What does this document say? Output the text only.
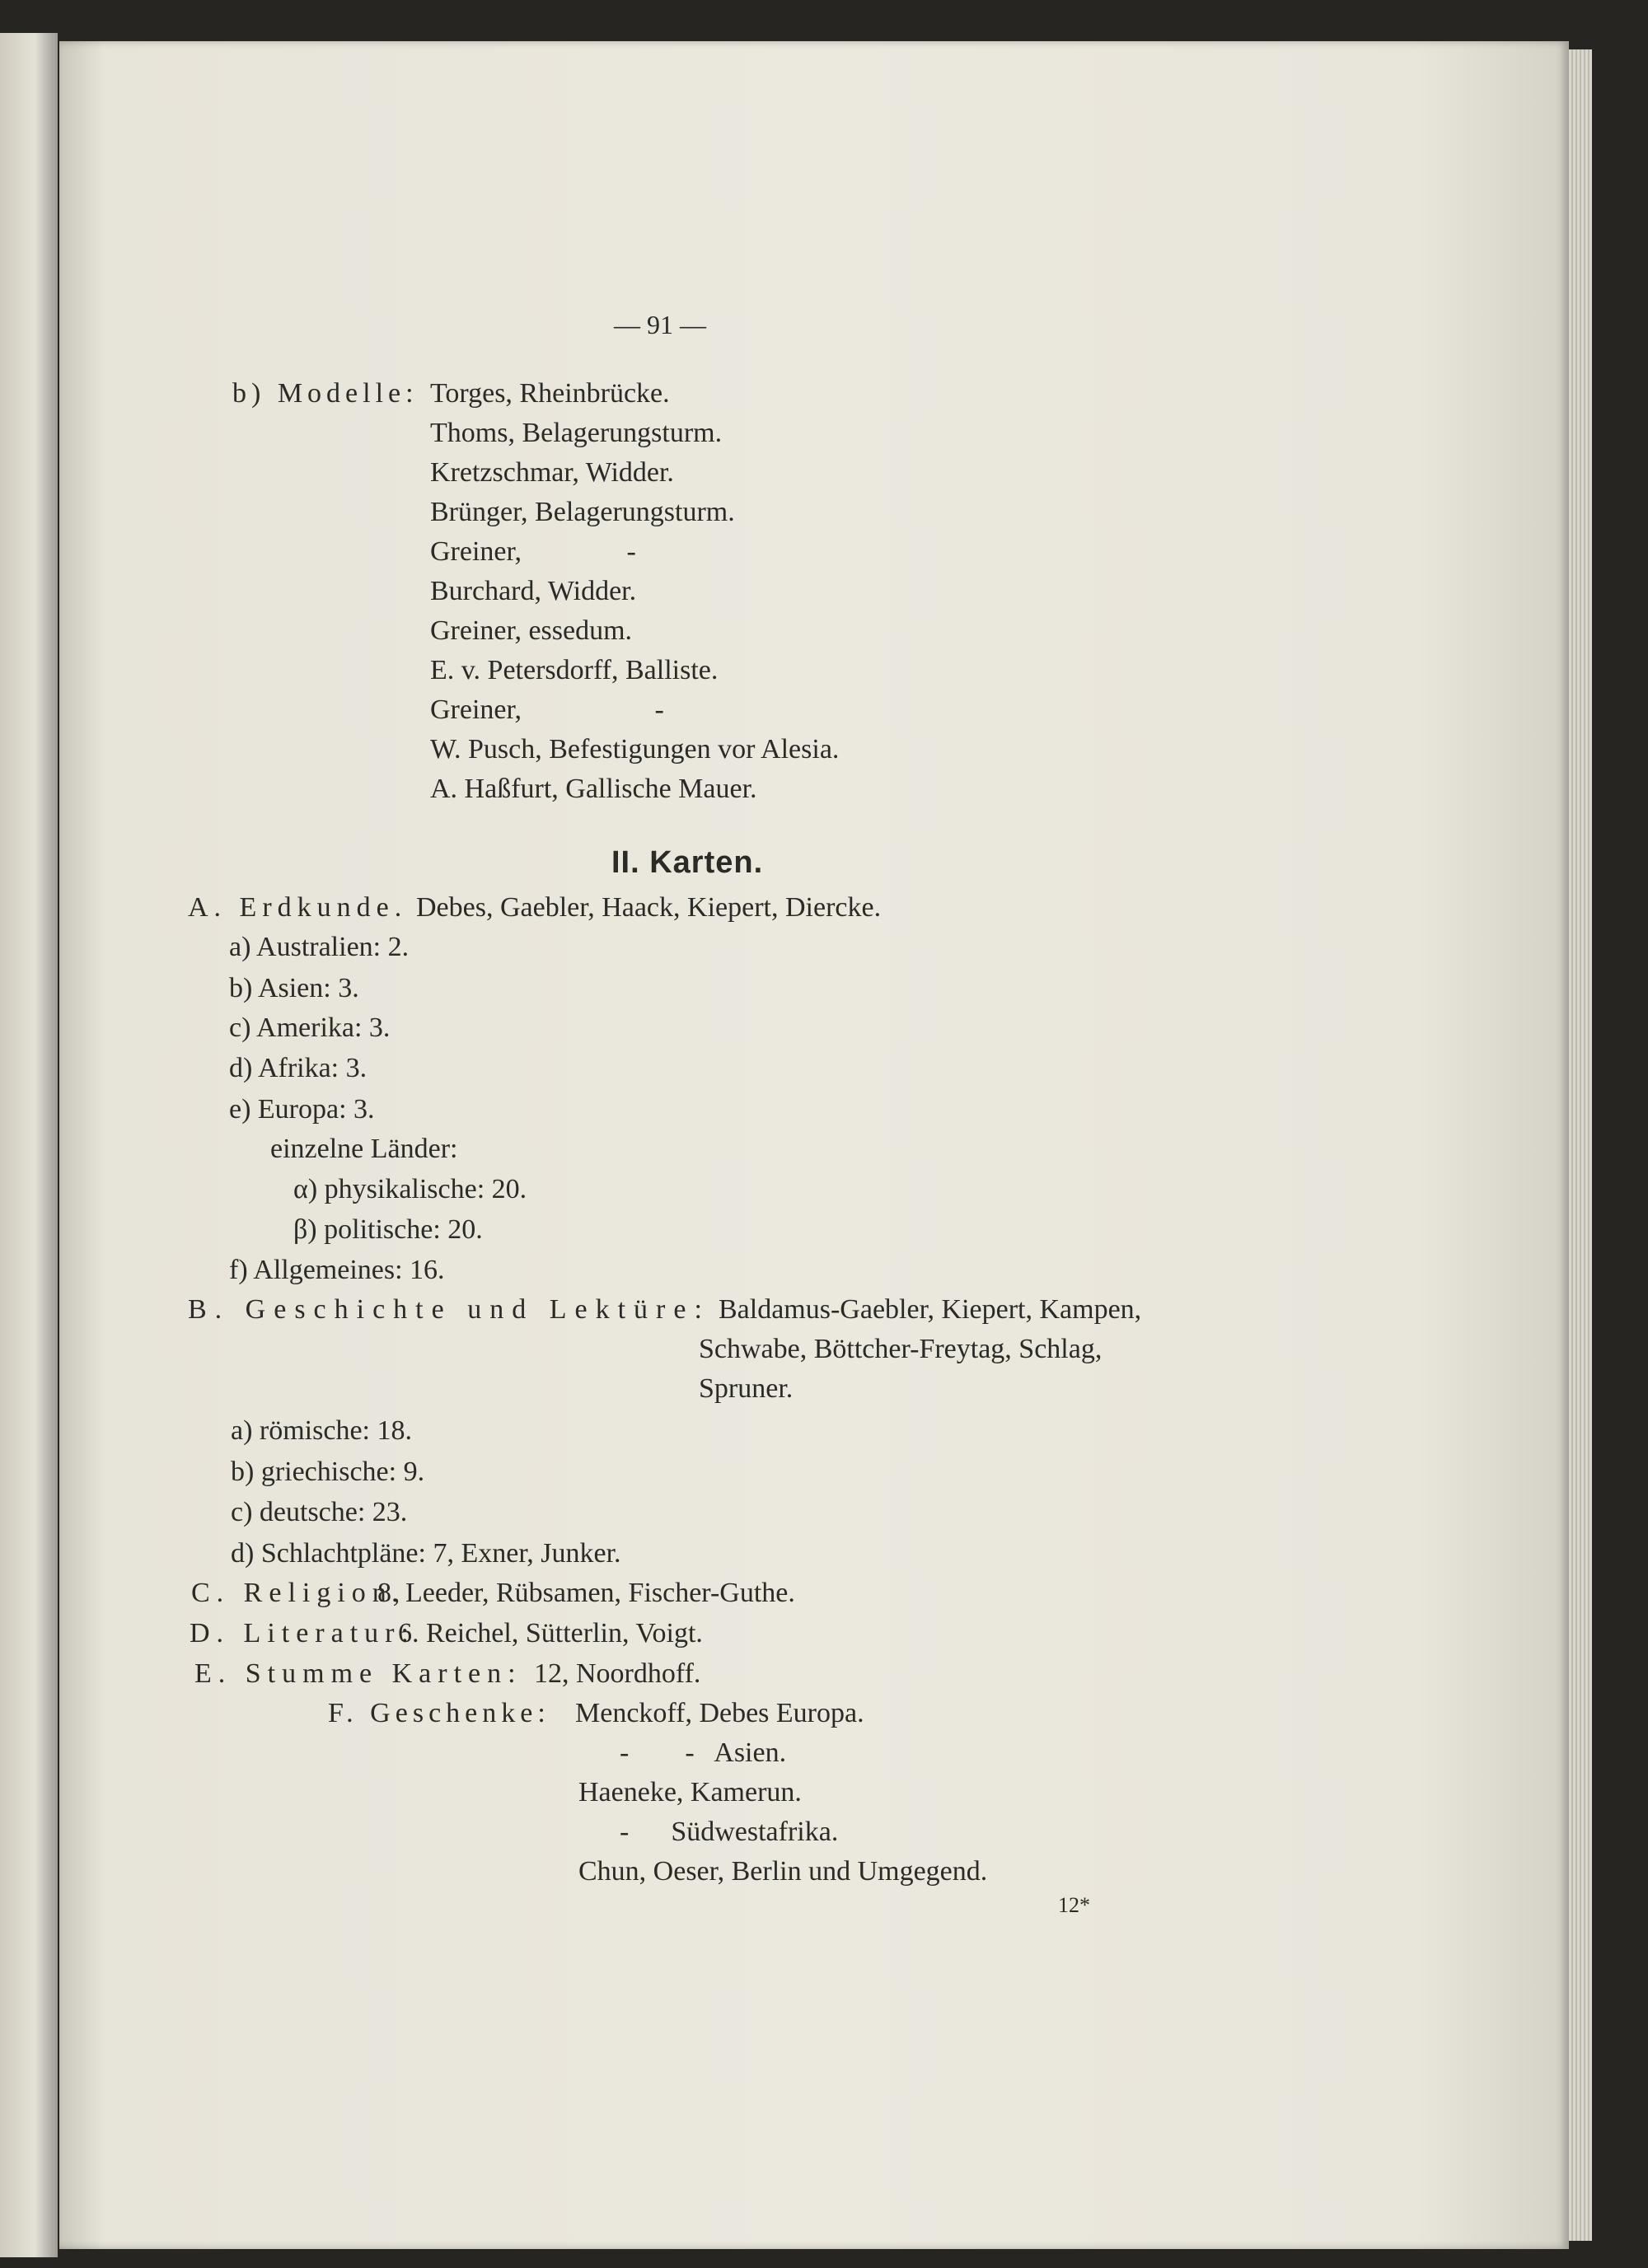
— 91 —
b) Modelle: Torges, Rheinbrücke.
Thoms, Belagerungsturm.
Kretzschmar, Widder.
Brünger, Belagerungsturm.
Greiner,               -
Burchard, Widder.
Greiner, essedum.
E. v. Petersdorff, Balliste.
Greiner,                   -
W. Pusch, Befestigungen vor Alesia.
A. Haßfurt, Gallische Mauer.
II. Karten.
A. Erdkunde. Debes, Gaebler, Haack, Kiepert, Diercke.
a) Australien: 2.
b) Asien: 3.
c) Amerika: 3.
d) Afrika: 3.
e) Europa: 3.
einzelne Länder:
α) physikalische: 20.
β) politische: 20.
f) Allgemeines: 16.
B. Geschichte und Lektüre: Baldamus-Gaebler, Kiepert, Kampen,
Schwabe, Böttcher-Freytag, Schlag,
Spruner.
a) römische: 18.
b) griechische: 9.
c) deutsche: 23.
d) Schlachtpläne: 7, Exner, Junker.
C. Religion,
8. Leeder, Rübsamen, Fischer-Guthe.
D. Literatur:
6. Reichel, Sütterlin, Voigt.
E. Stumme Karten: 12, Noordhoff.
F. Geschenke: Menckoff, Debes Europa.
-        -   Asien.
Haeneke, Kamerun.
-      Südwestafrika.
Chun, Oeser, Berlin und Umgegend.
12*
